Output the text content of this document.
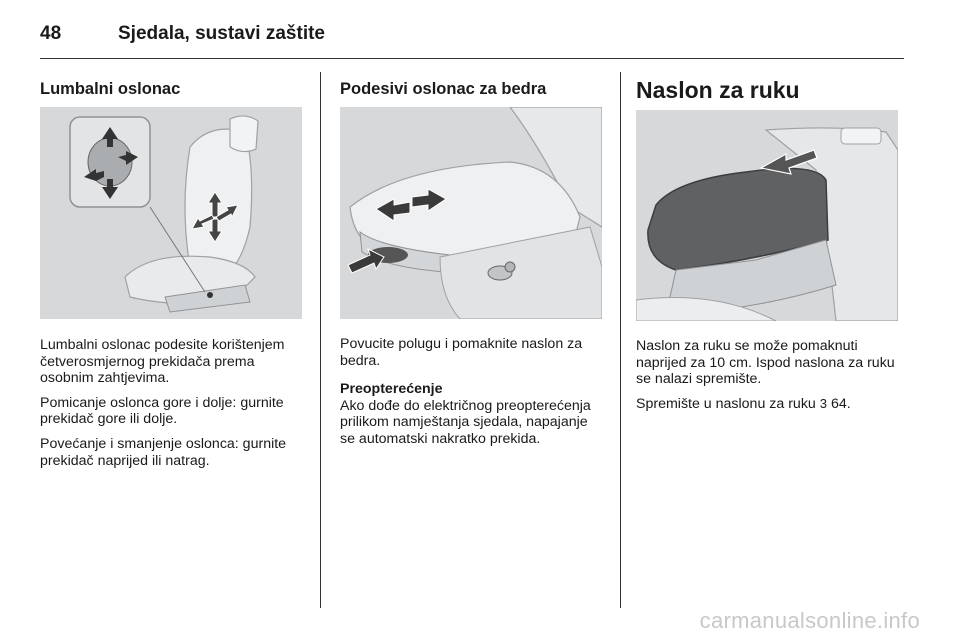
48	Sjedala, sustavi zaštite
Lumbalni oslonac

Lumbalni oslonac podesite korištenjem četverosmjernog prekidača prema osobnim zahtjevima.

Pomicanje oslonca gore i dolje: gurnite prekidač gore ili dolje.

Povećanje i smanjenje oslonca: gurnite prekidač naprijed ili natrag.

Podesivi oslonac za bedra

Povucite polugu i pomaknite naslon za bedra.

Preopterećenje

Ako dođe do električnog preopterećenja prilikom namještanja sjedala, napajanje se automatski nakratko prekida.

Naslon za ruku

Naslon za ruku se može pomaknuti naprijed za 10 cm. Ispod naslona za ruku se nalazi spremište.

Spremište u naslonu za ruku 3 64.

carmanualsonline.info
